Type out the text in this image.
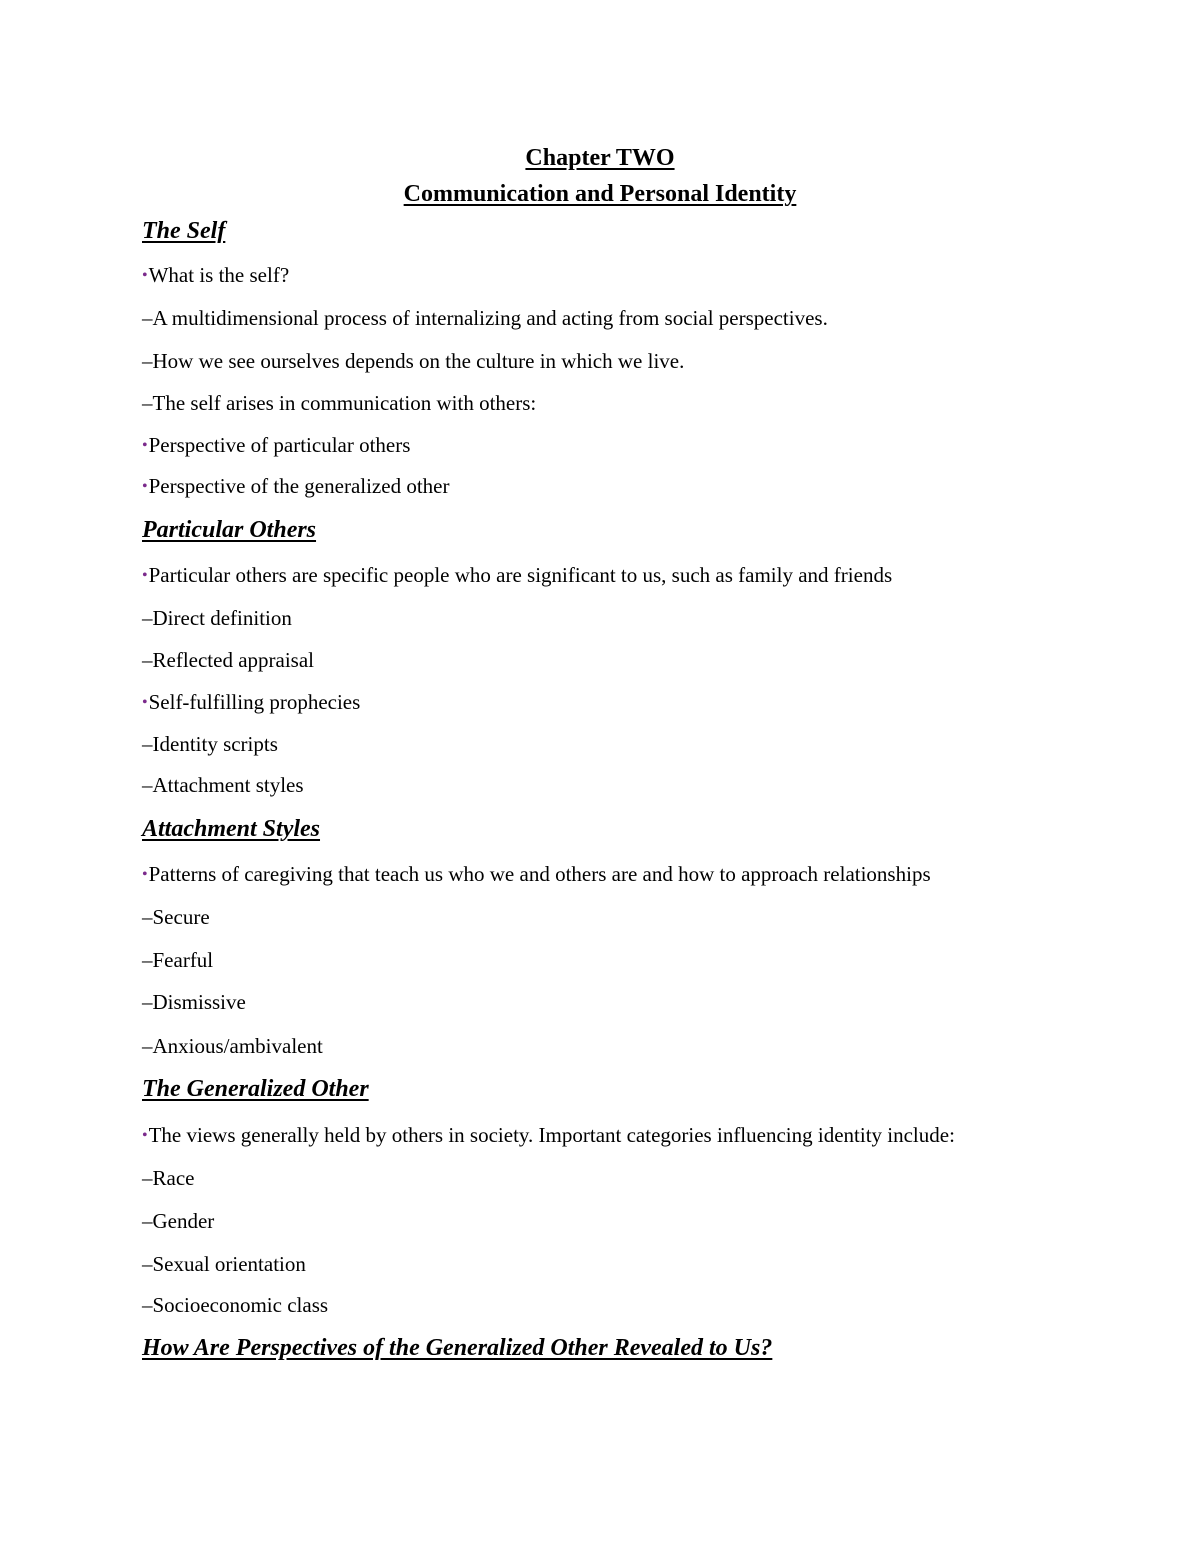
Chapter TWO
Communication and Personal Identity
The Self
•What is the self?
–A multidimensional process of internalizing and acting from social perspectives.
–How we see ourselves depends on the culture in which we live.
–The self arises in communication with others:
•Perspective of particular others
•Perspective of the generalized other
Particular Others
•Particular others are specific people who are significant to us, such as family and friends
–Direct definition
–Reflected appraisal
•Self-fulfilling prophecies
–Identity scripts
–Attachment styles
Attachment Styles
•Patterns of caregiving that teach us who we and others are and how to approach relationships
–Secure
–Fearful
–Dismissive
–Anxious/ambivalent
The Generalized Other
•The views generally held by others in society. Important categories influencing identity include:
–Race
–Gender
–Sexual orientation
–Socioeconomic class
How Are Perspectives of the Generalized Other Revealed to Us?
